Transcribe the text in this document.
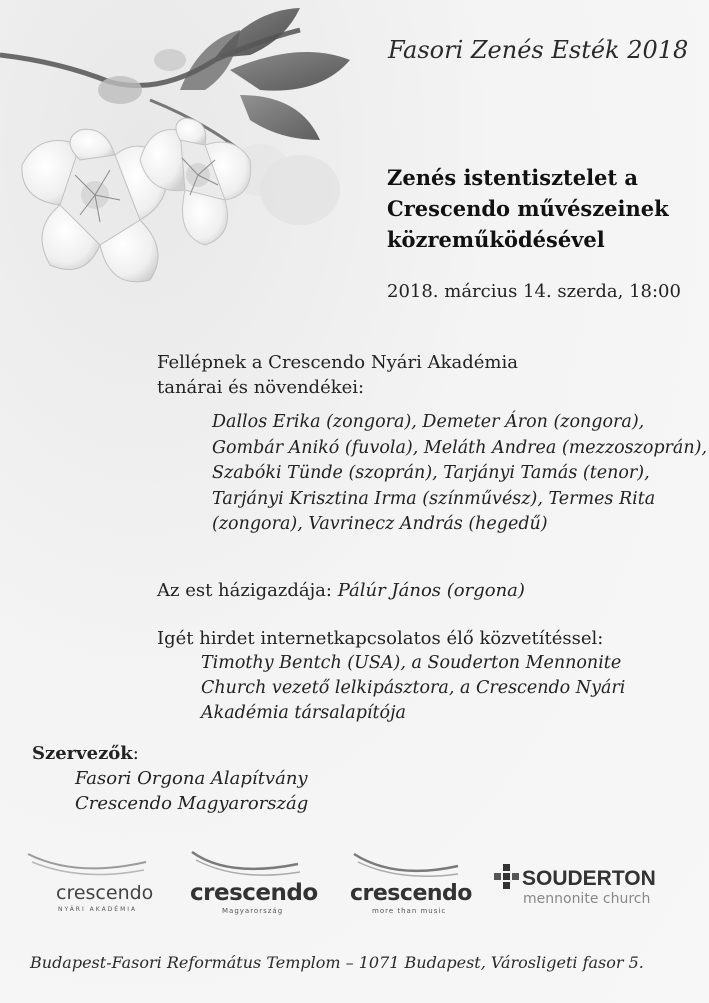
Fasori Zenés Esték 2018
Zenés istentisztelet a
Crescendo művészeinek
közreműködésével
2018. március 14. szerda, 18:00
Fellépnek a Crescendo Nyári Akadémia
tanárai és növendékei:
Dallos Erika (zongora), Demeter Áron (zongora),
Gombár Anikó (fuvola), Meláth Andrea (mezzoszoprán),
Szabóki Tünde (szoprán), Tarjányi Tamás (tenor),
Tarjányi Krisztina Irma (színművész), Termes Rita
(zongora), Vavrinecz András (hegedű)
Az est házigazdája: Pálúr János (orgona)
Igét hirdet internetkapcsolatos élő közvetítéssel:
Timothy Bentch (USA), a Souderton Mennonite
Church vezető lelkipásztora, a Crescendo Nyári
Akadémia társalapítója
Szervezők:
Fasori Orgona Alapítvány
Crescendo Magyarország
crescendo
NYÁRI AKADÉMIA
crescendo
Magyarország
crescendo
more than music
SOUDERTON
mennonite church
Budapest-Fasori Református Templom – 1071 Budapest, Városligeti fasor 5.
